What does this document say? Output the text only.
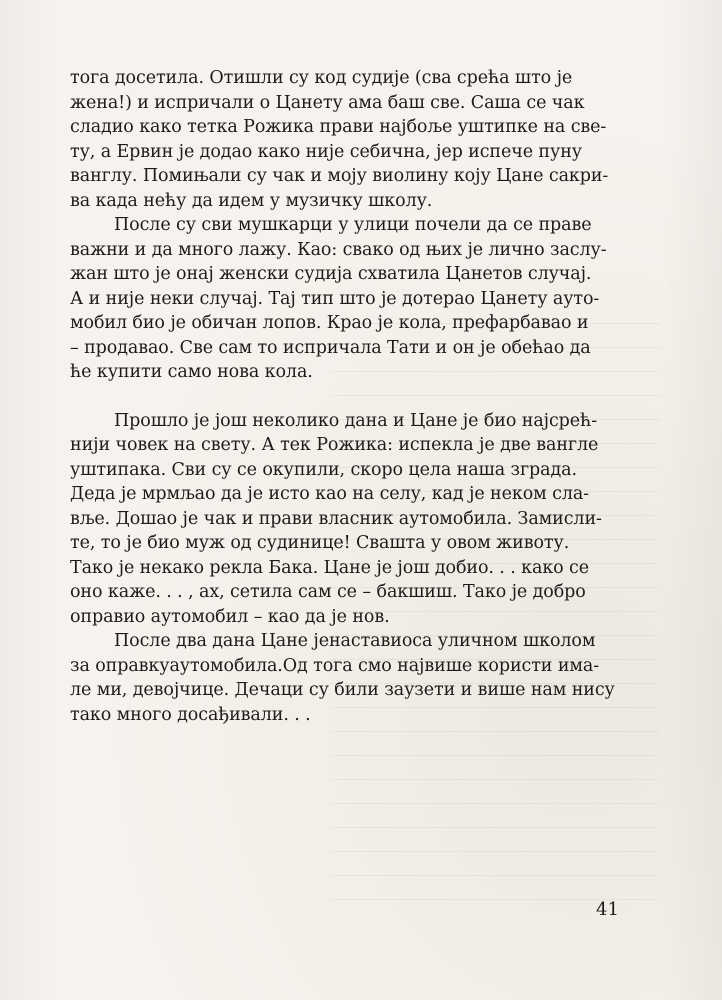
тога досетила. Отишли су код судије (сва срећа што је
жена!) и испричали о Цанету ама баш све. Саша се чак
сладио како тетка Рожика прави најбоље уштипке на све-
ту, а Ервин је додао како није себична, јер испече пуну
ванглу. Помињали су чак и моју виолину коју Цане сакри-
ва када нећу да идем у музичку школу.

После су сви мушкарци у улици почели да се праве
важни и да много лажу. Као: свако од њих је лично заслу-
жан што је онај женски судија схватила Цанетов случај.
А и није неки случај. Тај тип што је дотерао Цанету ауто-
мобил био је обичан лопов. Крао је кола, префарбавао и
– продавао. Све сам то испричала Тати и он је обећао да
ће купити само нова кола.

Прошло је још неколико дана и Цане је био најсрећ-
нији човек на свету. А тек Рожика: испекла је две вангле
уштипака. Сви су се окупили, скоро цела наша зграда.
Деда је мрмљао да је исто као на селу, кад је неком сла-
вље. Дошао је чак и прави власник аутомобила. Замисли-
те, то је био муж од судинице! Свашта у овом животу.
Тако је некако рекла Бака. Цане је још добио. . . како се
оно каже. . . , ах, сетила сам се – бакшиш. Тако је добро
оправио аутомобил – као да је нов.

После два дана Цане јенаставиосa уличном школом
за оправкуаутомобила.Од тога смо највише користи има-
ле ми, девојчице. Дечаци су били заузети и више нам нису
тако много досађивали. . .

41
